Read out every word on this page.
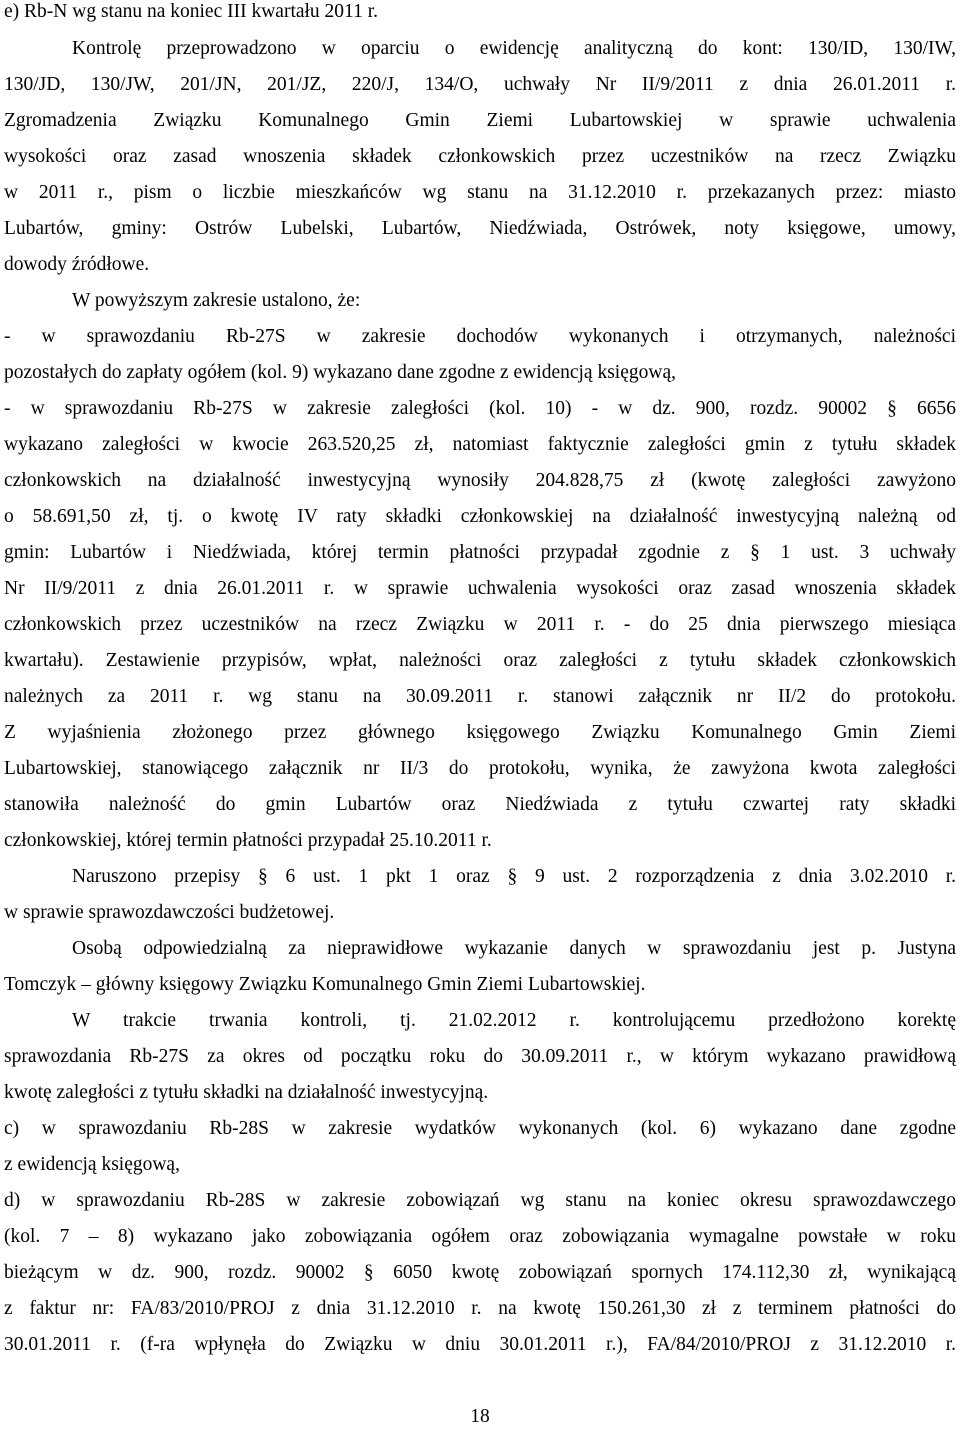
e) Rb-N wg stanu na koniec III kwartału 2011 r.
Kontrolę przeprowadzono w oparciu o ewidencję analityczną do kont: 130/ID, 130/IW,
130/JD, 130/JW, 201/JN, 201/JZ, 220/J, 134/O, uchwały Nr II/9/2011 z dnia 26.01.2011 r.
Zgromadzenia Związku Komunalnego Gmin Ziemi Lubartowskiej w sprawie uchwalenia
wysokości oraz zasad wnoszenia składek członkowskich przez uczestników na rzecz Związku
w 2011 r., pism o liczbie mieszkańców wg stanu na 31.12.2010 r. przekazanych przez: miasto
Lubartów, gminy: Ostrów Lubelski, Lubartów, Niedźwiada, Ostrówek, noty księgowe, umowy,
dowody źródłowe.
W powyższym zakresie ustalono, że:
- w sprawozdaniu Rb-27S w zakresie dochodów wykonanych i otrzymanych, należności
pozostałych do zapłaty ogółem (kol. 9) wykazano dane zgodne z ewidencją księgową,
- w sprawozdaniu Rb-27S w zakresie zaległości (kol. 10) - w dz. 900, rozdz. 90002 § 6656
wykazano zaległości w kwocie 263.520,25 zł, natomiast faktycznie zaległości gmin z tytułu składek
członkowskich na działalność inwestycyjną wynosiły 204.828,75 zł (kwotę zaległości zawyżono
o 58.691,50 zł, tj. o kwotę IV raty składki członkowskiej na działalność inwestycyjną należną od
gmin: Lubartów i Niedźwiada, której termin płatności przypadał zgodnie z § 1 ust. 3 uchwały
Nr II/9/2011 z dnia 26.01.2011 r. w sprawie uchwalenia wysokości oraz zasad wnoszenia składek
członkowskich przez uczestników na rzecz Związku w 2011 r. - do 25 dnia pierwszego miesiąca
kwartału). Zestawienie przypisów, wpłat, należności oraz zaległości z tytułu składek członkowskich
należnych za 2011 r. wg stanu na 30.09.2011 r. stanowi załącznik nr II/2 do protokołu.
Z wyjaśnienia złożonego przez głównego księgowego Związku Komunalnego Gmin Ziemi
Lubartowskiej, stanowiącego załącznik nr II/3 do protokołu, wynika, że zawyżona kwota zaległości
stanowiła należność do gmin Lubartów oraz Niedźwiada z tytułu czwartej raty składki
członkowskiej, której termin płatności przypadał 25.10.2011 r.
Naruszono przepisy § 6 ust. 1 pkt 1 oraz § 9 ust. 2 rozporządzenia z dnia 3.02.2010 r.
w sprawie sprawozdawczości budżetowej.
Osobą odpowiedzialną za nieprawidłowe wykazanie danych w sprawozdaniu jest p. Justyna
Tomczyk – główny księgowy Związku Komunalnego Gmin Ziemi Lubartowskiej.
W trakcie trwania kontroli, tj. 21.02.2012 r. kontrolującemu przedłożono korektę
sprawozdania Rb-27S za okres od początku roku do 30.09.2011 r., w którym wykazano prawidłową
kwotę zaległości z tytułu składki na działalność inwestycyjną.
c) w sprawozdaniu Rb-28S w zakresie wydatków wykonanych (kol. 6) wykazano dane zgodne
z ewidencją księgową,
d) w sprawozdaniu Rb-28S w zakresie zobowiązań wg stanu na koniec okresu sprawozdawczego
(kol. 7 – 8) wykazano jako zobowiązania ogółem oraz zobowiązania wymagalne powstałe w roku
bieżącym w dz. 900, rozdz. 90002 § 6050 kwotę zobowiązań spornych 174.112,30 zł, wynikającą
z faktur nr: FA/83/2010/PROJ z dnia 31.12.2010 r. na kwotę 150.261,30 zł z terminem płatności do
30.01.2011 r. (f-ra wpłynęła do Związku w dniu 30.01.2011 r.), FA/84/2010/PROJ z 31.12.2010 r.
18
